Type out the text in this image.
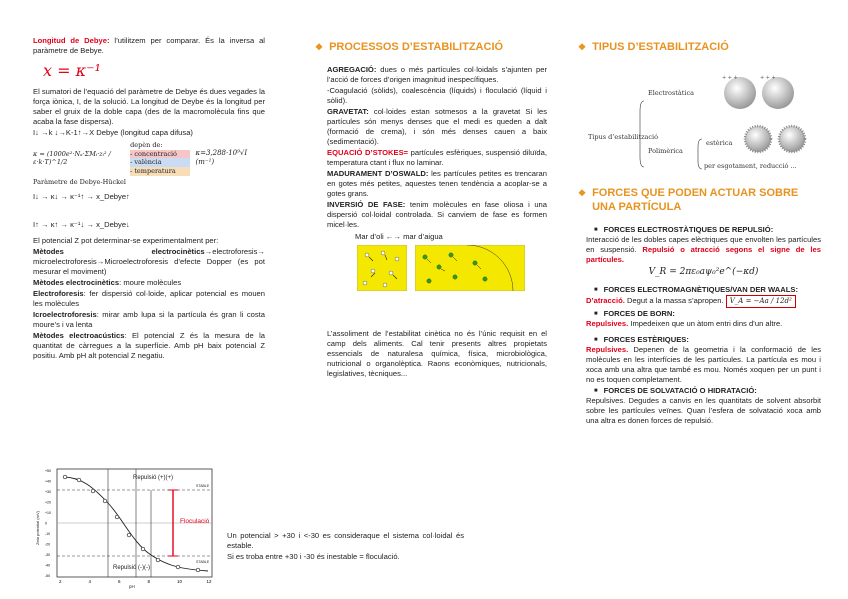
Longitud de Debye: l’utilitzem per comparar. És la inversa al paràmetre de Bebye.

x = κ⁻¹

El sumatori de l’equació del paràmetre de Debye és dues vegades la força iònica, I, de la solució. La longitud de Deybe és la longitud per saber el gruix de la doble capa (des de la macromolècula fins que acaba la fase dispersa).

I↓ →k ↓→K-1↑→X Debye (longitud capa difusa)

κ = (1000e²·Nₐ·ΣMᵢ·zᵢ² / ε·k·T)^1/2
depèn de:
- concentració
- valència
- temperatura
κ=3,288·10⁹√I (m⁻¹)
Paràmetre de Debye-Hückel

I↓ → κ↓ → κ⁻¹↑ → x_Debye↑

I↑ → κ↑ → κ⁻¹↓ → x_Debye↓

El potencial Z pot determinar-se experimentalment per:

Mètodes electrocinètics→electroforesis→ microelectroforesis→Microelectroforesis d’efecte Dopper (es pot mesurar el moviment)

Mètodes electrocinètics: moure molècules

Electroforesis: fer dispersió col·loide, aplicar potencial es mouen les molècules

Icroelectroforesis: mirar amb lupa si la partícula és gran li costa moure’s i va lenta

Mètodes electroacústics: El potencial Z és la mesura de la quantitat de càrregues a la superfície. Amb pH baix potencial Z positiu. Amb pH alt potencial Z negatiu.

Repulsió (+)(+)
Repulsió (-)(-)
Floculació
STABLE
STABLE
Zeta potential (mV)
pH
2	4	6	8	10	12
+50
+40
+30
+20
+10
0
-10
-20
-30
-40
-50

Un potencial > +30 i <-30 es consideraque el sistema col·loidal és estable.

Si es troba entre +30 i -30 és inestable = floculació.

❖ PROCESSOS D’ESTABILITZACIÓ

AGREGACIÓ: dues o més partícules col·loidals s’ajunten per l’acció de forces d’origen imagnitud inespecífiques.

-Coagulació (sòlids), coalescència (líquids) i floculació (líquid i sòlid).

GRAVETAT: col·loides estan sotmesos a la gravetat Si les partícules són menys denses que el medi es queden a dalt (formació de crema), i són més denses cauen a baix (sedimentació).

EQUACIÓ D’STOKES= partícules esfèriques, suspensió diluïda, temperatura ctant i flux no laminar.

MADURAMENT D’OSWALD: les partícules petites es trencaran en gotes més petites, aquestes tenen tendència a acoplar-se a gotes grans.

INVERSIÓ DE FASE: tenim molècules en fase oliosa i una dispersió col·loidal controlada. Si canviem de fase es formen micel·les.

Mar d’oli ←→ mar d’aigua

L’assoliment de l’estabilitat cinètica no és l’únic requisit en el camp dels aliments. Cal tenir presents altres propietats essencials de naturalesa química, física, microbiològica, nutricional o organolèptica. Raons econòmiques, nutricionals, legislatives, tècniques...

❖ TIPUS D’ESTABILITZACIÓ
Tipus d’estabilització
Electrostàtica
Polimèrica
+ + +	+ + +
estèrica
per esgotament, reducció ...
❖ FORCES QUE PODEN ACTUAR SOBRE UNA PARTÍCULA
■ FORCES ELECTROSTÀTIQUES DE REPULSIÓ:

Interacció de les dobles capes elèctriques que envolten les partícules en suspensió. Repulsió o atracció segons el signe de les partícules.

V_R = 2πε₀aψ₀²e^(−κd)
■ FORCES ELECTROMAGNÈTIQUES/VAN DER WAALS:

D’atracció. Degut a la massa s’apropen. V_A = −Aa / 12d²

■ FORCES DE BORN:

Repulsives. Impedeixen que un àtom entri dins d’un altre.

■ FORCES ESTÈRIQUES:

Repulsives. Depenen de la geometria i la conformació de les molècules en les interfícies de les partícules. La partícula es mou i xoca amb una altra que també es mou. Només xoquen per un punt i no es toquen completament.

■ FORCES DE SOLVATACIÓ O HIDRATACIÓ:

Repulsives. Degudes a canvis en les quantitats de solvent absorbit sobre les partícules veïnes. Quan l’esfera de solvatació xoca amb una altra es donen forces de repulsió.
